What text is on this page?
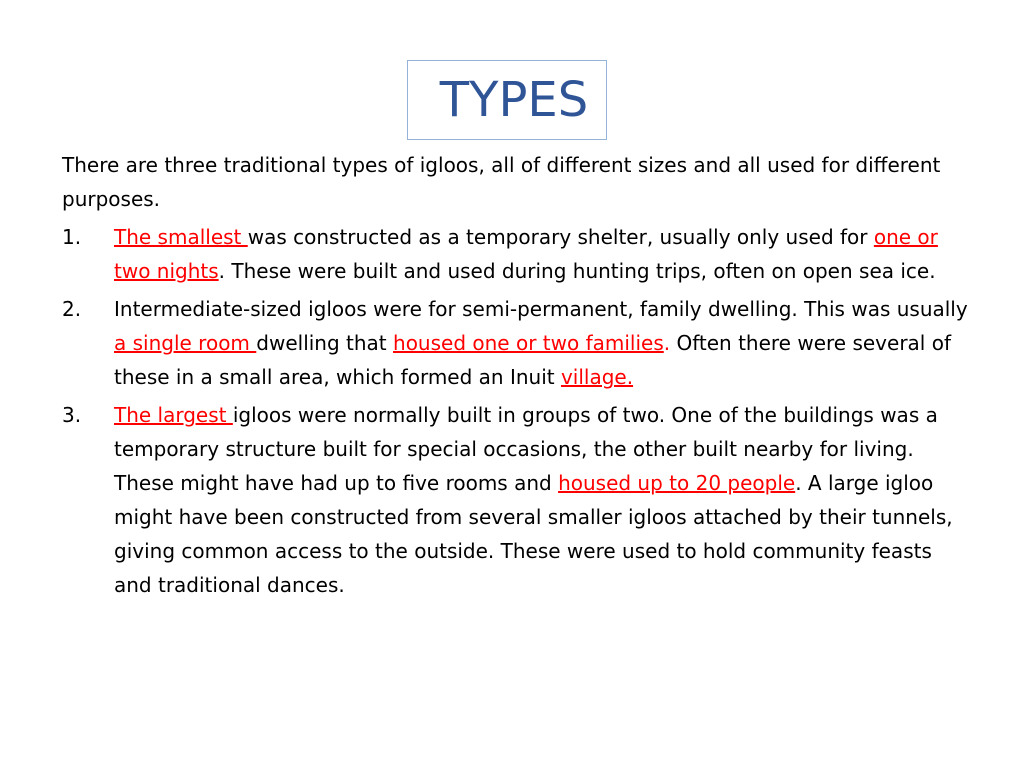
TYPES

There are three traditional types of igloos, all of different sizes and all used for different purposes.

1. The smallest was constructed as a temporary shelter, usually only used for one or two nights. These were built and used during hunting trips, often on open sea ice.
2. Intermediate-sized igloos were for semi-permanent, family dwelling. This was usually a single room dwelling that housed one or two families. Often there were several of these in a small area, which formed an Inuit village.
3. The largest igloos were normally built in groups of two. One of the buildings was a temporary structure built for special occasions, the other built nearby for living. These might have had up to five rooms and housed up to 20 people. A large igloo might have been constructed from several smaller igloos attached by their tunnels, giving common access to the outside. These were used to hold community feasts and traditional dances.
